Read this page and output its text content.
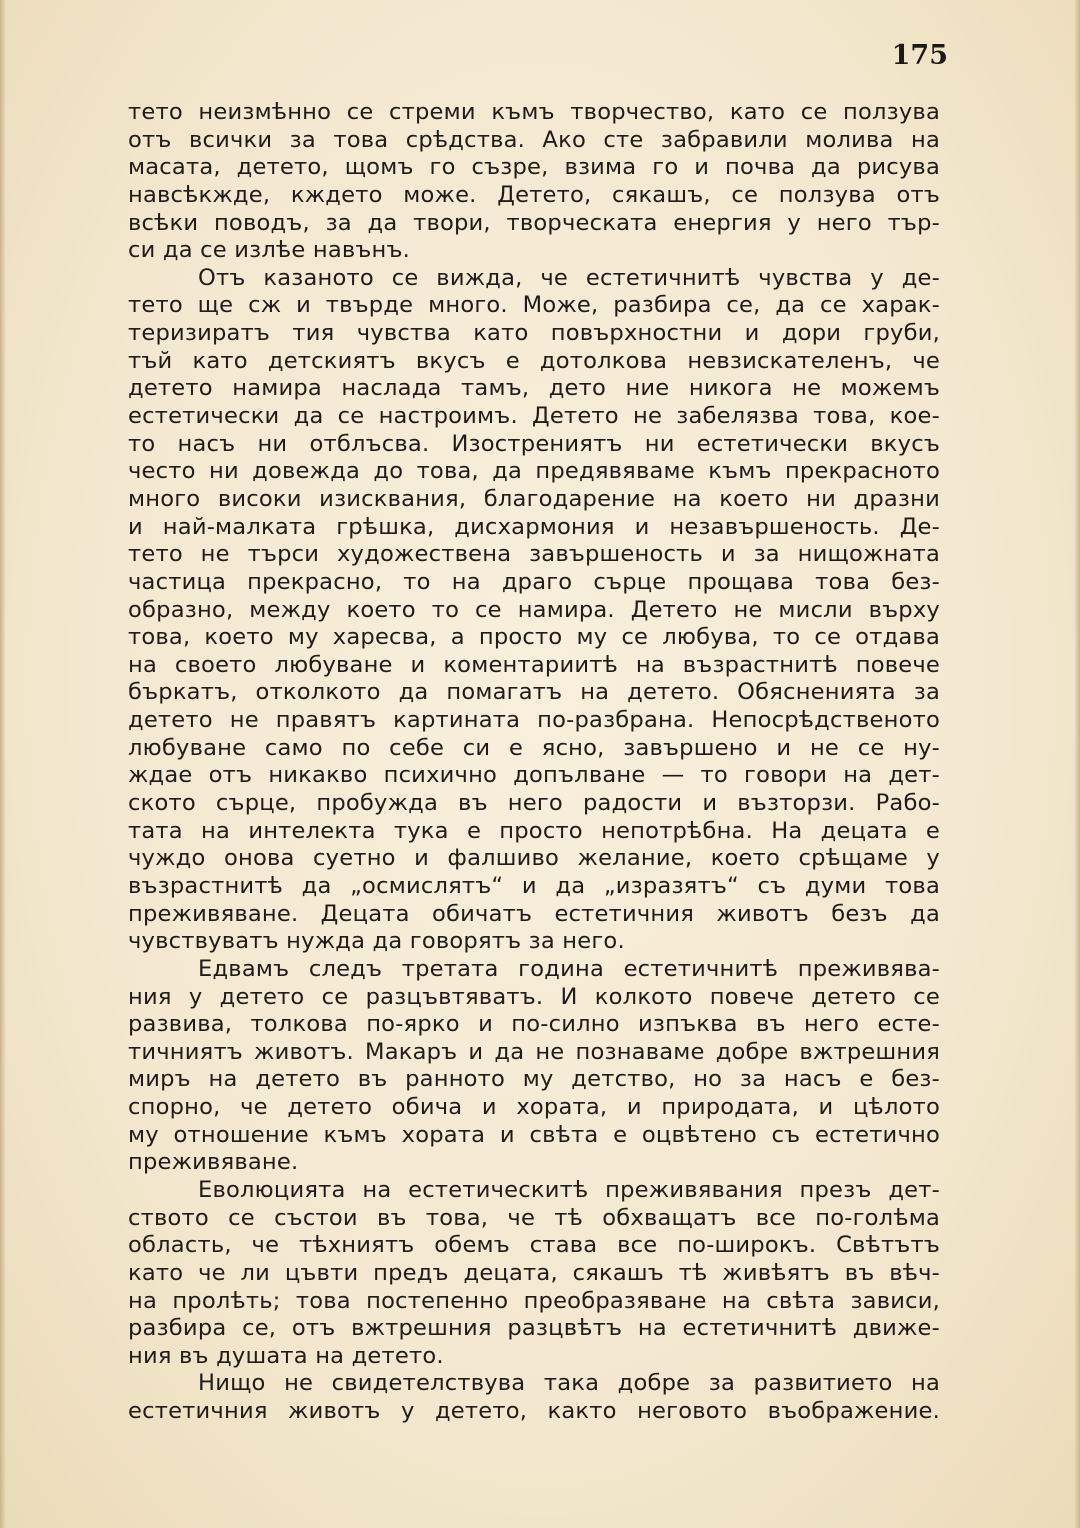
175
тето неизмѣнно се стреми къмъ творчество, като се ползува
отъ всички за това срѣдства. Ако сте забравили молива на
масата, детето, щомъ го съзре, взима го и почва да рисува
навсѣкжде, кждето може. Детето, сякашъ, се ползува отъ
всѣки поводъ, за да твори, творческата енергия у него тър-
си да се излѣе навънъ.
Отъ казаното се вижда, че естетичнитѣ чувства у де-
тето ще сж и твърде много. Може, разбира се, да се харак-
теризиратъ тия чувства като повърхностни и дори груби,
тъй като детскиятъ вкусъ е дотолкова невзискателенъ, че
детето намира наслада тамъ, дето ние никога не можемъ
естетически да се настроимъ. Детето не забелязва това, кое-
то насъ ни отблъсва. Изострениятъ ни естетически вкусъ
често ни довежда до това, да предявяваме къмъ прекрасното
много високи изисквания, благодарение на което ни дразни
и най-малката грѣшка, дисхармония и незавършеность. Де-
тето не търси художествена завършеность и за нищожната
частица прекрасно, то на драго сърце прощава това без-
образно, между което то се намира. Детето не мисли върху
това, което му харесва, а просто му се любува, то се отдава
на своето любуване и коментариитѣ на възрастнитѣ повече
бъркатъ, отколкото да помагатъ на детето. Обясненията за
детето не правятъ картината по-разбрана. Непосрѣдственото
любуване само по себе си е ясно, завършено и не се ну-
ждае отъ никакво психично допълване — то говори на дет-
ското сърце, пробужда въ него радости и възторзи. Рабо-
тата на интелекта тука е просто непотрѣбна. На децата е
чуждо онова суетно и фалшиво желание, което срѣщаме у
възрастнитѣ да „осмислятъ“ и да „изразятъ“ съ думи това
преживяване. Децата обичатъ естетичния животъ безъ да
чувствуватъ нужда да говорятъ за него.
Едвамъ следъ третата година естетичнитѣ преживява-
ния у детето се разцъвтяватъ. И колкото повече детето се
развива, толкова по-ярко и по-силно изпъква въ него есте-
тичниятъ животъ. Макаръ и да не познаваме добре вжтрешния
миръ на детето въ ранното му детство, но за насъ е без-
спорно, че детето обича и хората, и природата, и цѣлото
му отношение къмъ хората и свѣта е оцвѣтено съ естетично
преживяване.
Еволюцията на естетическитѣ преживявания презъ дет-
ството се състои въ това, че тѣ обхващатъ все по-голѣма
область, че тѣхниятъ обемъ става все по-широкъ. Свѣтътъ
като че ли цъвти предъ децата, сякашъ тѣ живѣятъ въ вѣч-
на пролѣть; това постепенно преобразяване на свѣта зависи,
разбира се, отъ вжтрешния разцвѣтъ на естетичнитѣ движе-
ния въ душата на детето.
Нищо не свидетелствува така добре за развитието на
естетичния животъ у детето, както неговото въображение.
